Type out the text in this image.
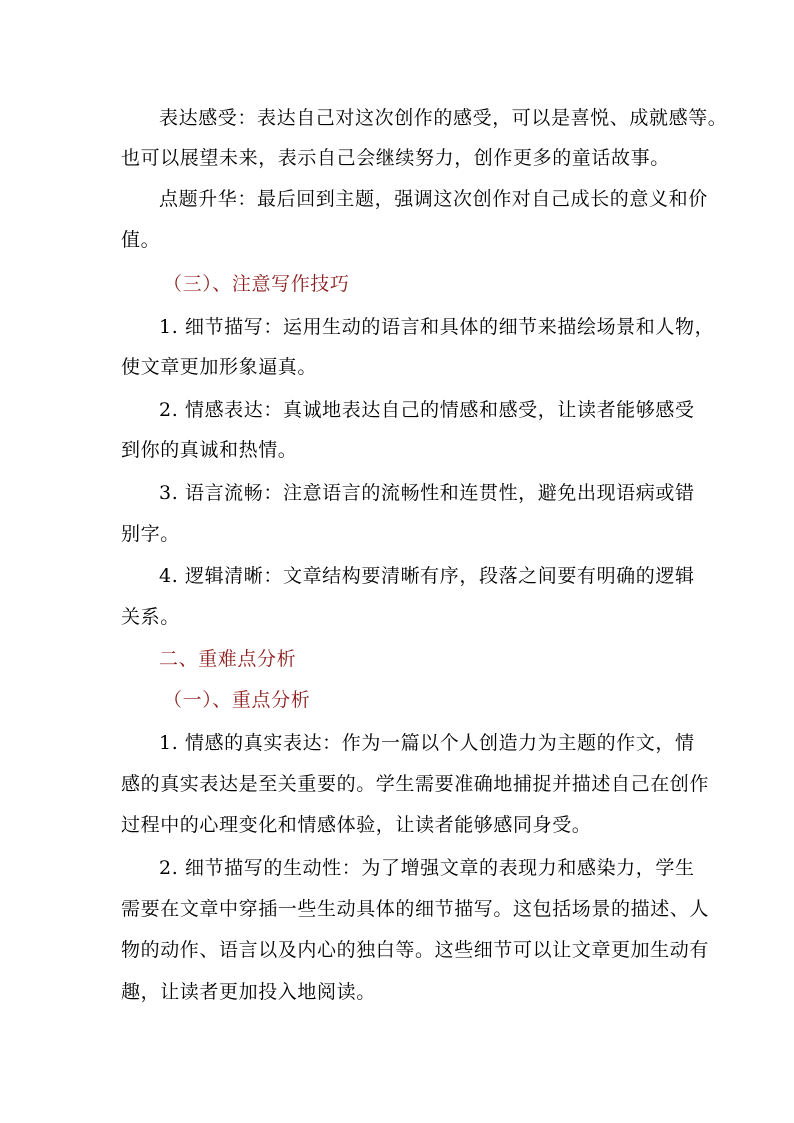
表达感受：表达自己对这次创作的感受，可以是喜悦、成就感等。
也可以展望未来，表示自己会继续努力，创作更多的童话故事。
点题升华：最后回到主题，强调这次创作对自己成长的意义和价
值。
（三）、注意写作技巧
1. 细节描写：运用生动的语言和具体的细节来描绘场景和人物，
使文章更加形象逼真。
2. 情感表达：真诚地表达自己的情感和感受，让读者能够感受
到你的真诚和热情。
3. 语言流畅：注意语言的流畅性和连贯性，避免出现语病或错
别字。
4. 逻辑清晰：文章结构要清晰有序，段落之间要有明确的逻辑
关系。
二、重难点分析
（一）、重点分析
1. 情感的真实表达：作为一篇以个人创造力为主题的作文，情
感的真实表达是至关重要的。学生需要准确地捕捉并描述自己在创作
过程中的心理变化和情感体验，让读者能够感同身受。
2. 细节描写的生动性：为了增强文章的表现力和感染力，学生
需要在文章中穿插一些生动具体的细节描写。这包括场景的描述、人
物的动作、语言以及内心的独白等。这些细节可以让文章更加生动有
趣，让读者更加投入地阅读。
